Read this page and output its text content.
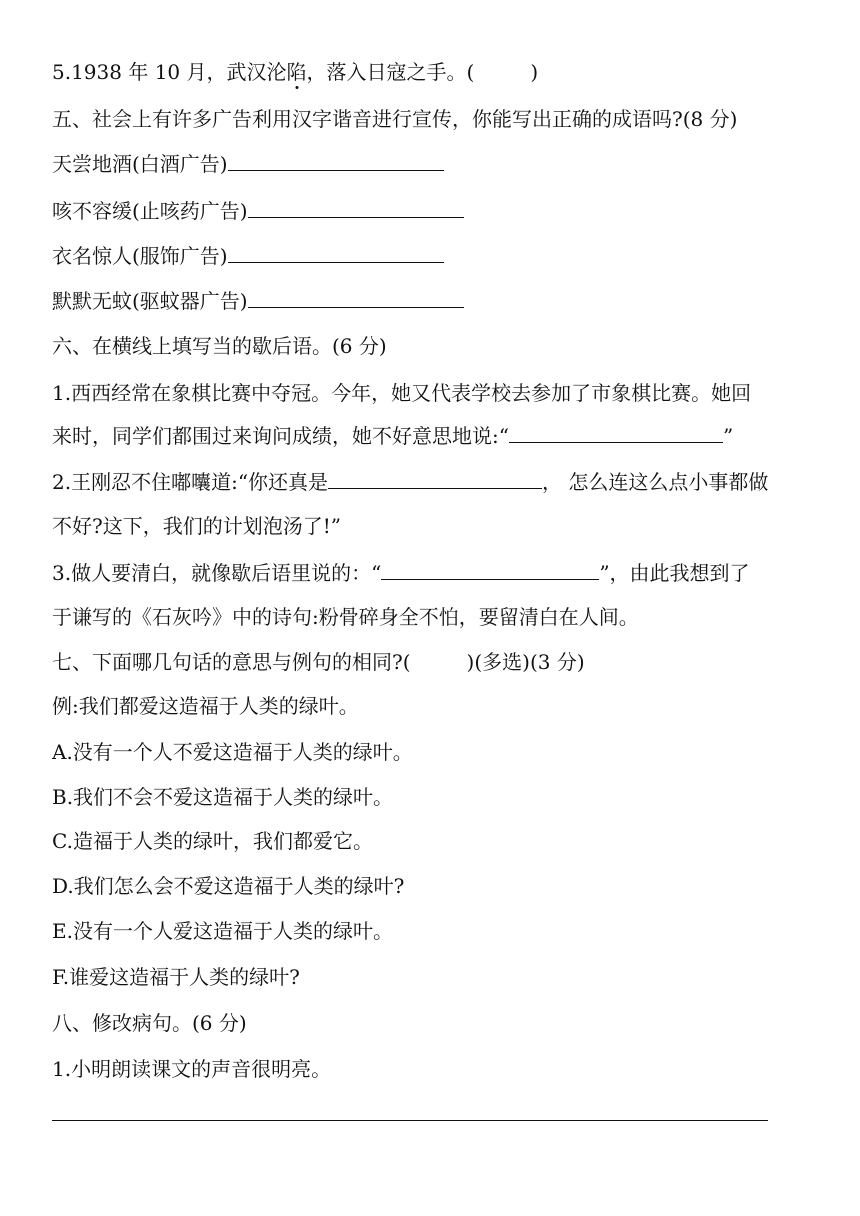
5.1938 年 10 月，武汉沦陷，落入日寇之手。(	)
五、社会上有许多广告利用汉字谐音进行宣传，你能写出正确的成语吗?(8 分)
天尝地酒(白酒广告)
咳不容缓(止咳药广告)
衣名惊人(服饰广告)
默默无蚊(驱蚊器广告)
六、在横线上填写当的歇后语。(6 分)
1.西西经常在象棋比赛中夺冠。今年，她又代表学校去参加了市象棋比赛。她回
来时，同学们都围过来询问成绩，她不好意思地说:“	”
2.王刚忍不住嘟囔道:“你还真是	， 怎么连这么点小事都做
不好?这下，我们的计划泡汤了!”
3.做人要清白，就像歇后语里说的：“	”，由此我想到了
于谦写的《石灰吟》中的诗句:粉骨碎身全不怕，要留清白在人间。
七、下面哪几句话的意思与例句的相同?(	)(多选)(3 分)
例:我们都爱这造福于人类的绿叶。
A.没有一个人不爱这造福于人类的绿叶。
B.我们不会不爱这造福于人类的绿叶。
C.造福于人类的绿叶，我们都爱它。
D.我们怎么会不爱这造福于人类的绿叶?
E.没有一个人爱这造福于人类的绿叶。
F.谁爱这造福于人类的绿叶?
八、修改病句。(6 分)
1.小明朗读课文的声音很明亮。
